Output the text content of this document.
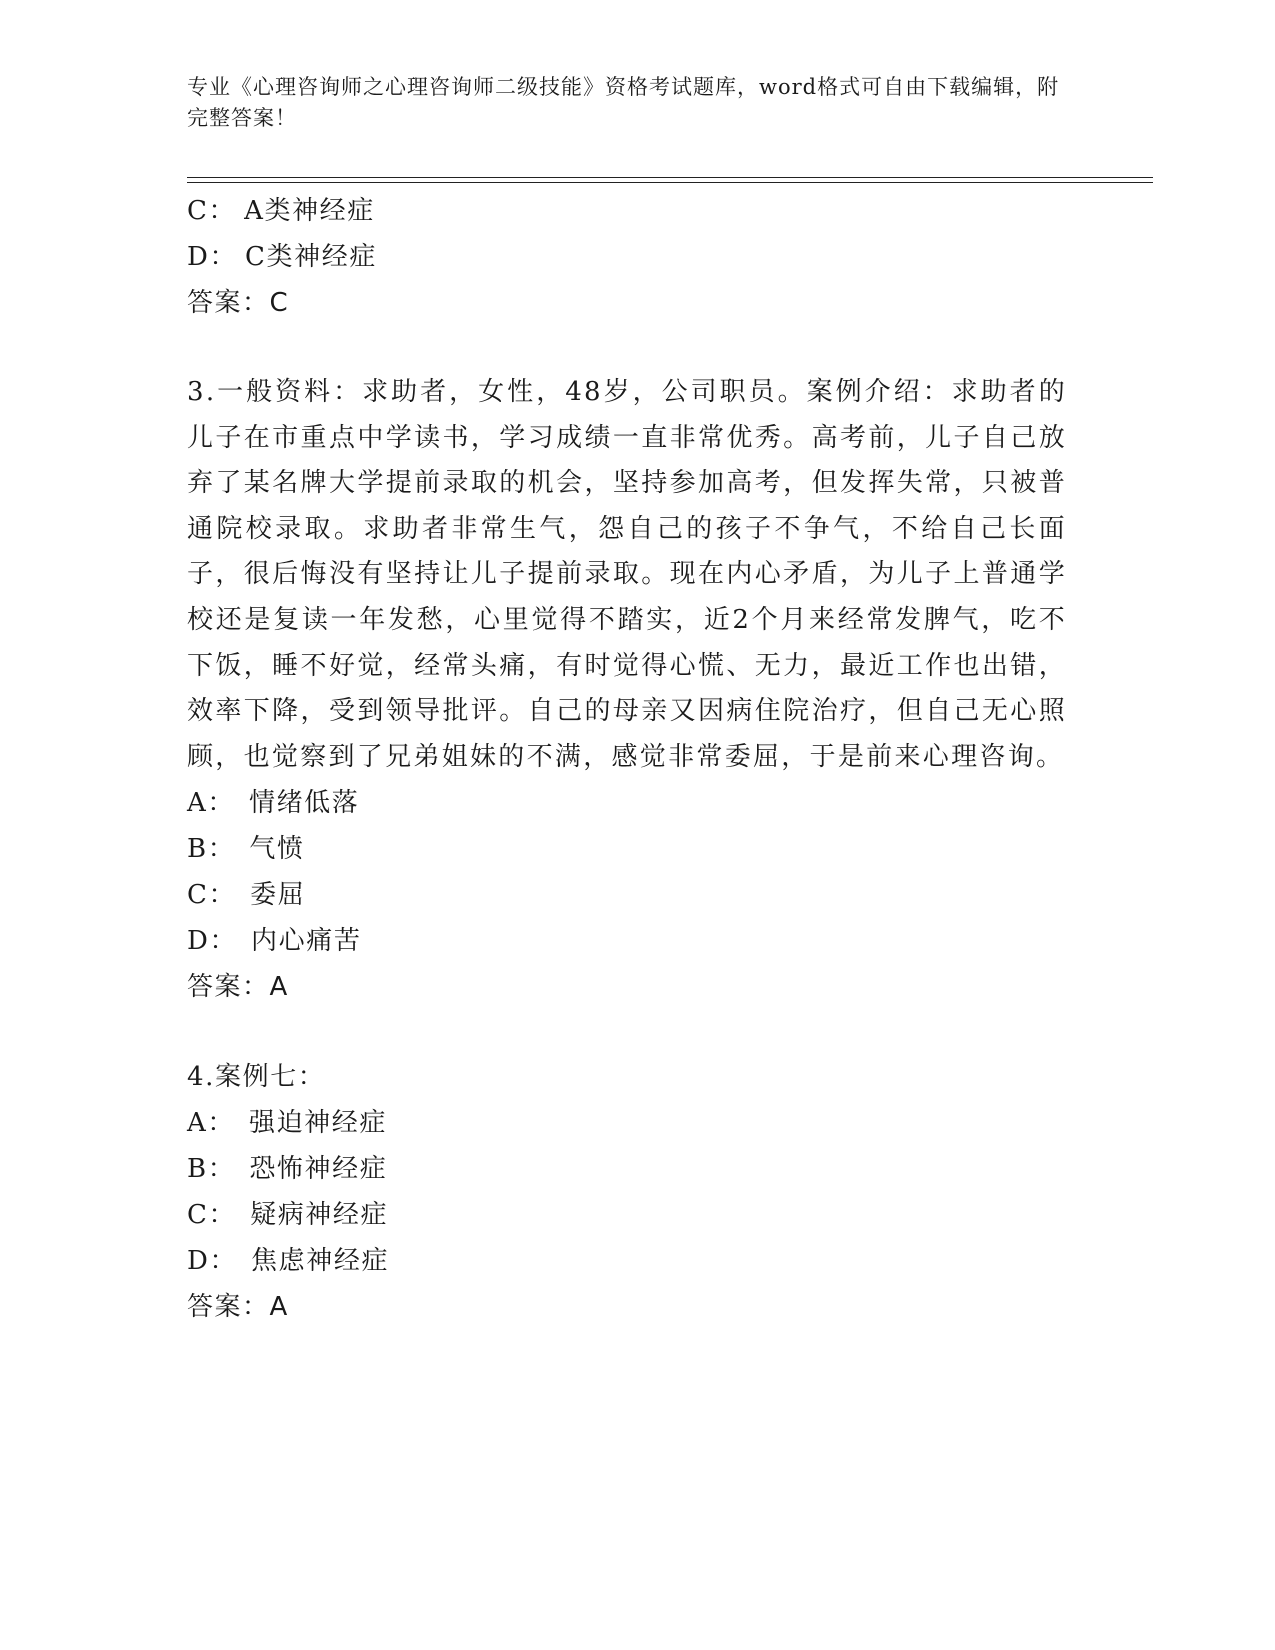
专业《心理咨询师之心理咨询师二级技能》资格考试题库，word格式可自由下载编辑，附完整答案！
C： A类神经症
D： C类神经症
答案：C
3.一般资料：求助者，女性，48岁，公司职员。案例介绍：求助者的儿子在市重点中学读书，学习成绩一直非常优秀。高考前，儿子自己放弃了某名牌大学提前录取的机会，坚持参加高考，但发挥失常，只被普通院校录取。求助者非常生气，怨自己的孩子不争气，不给自己长面子，很后悔没有坚持让儿子提前录取。现在内心矛盾，为儿子上普通学校还是复读一年发愁，心里觉得不踏实，近2个月来经常发脾气，吃不下饭，睡不好觉，经常头痛，有时觉得心慌、无力，最近工作也出错，效率下降，受到领导批评。自己的母亲又因病住院治疗，但自己无心照顾，也觉察到了兄弟姐妹的不满，感觉非常委屈，于是前来心理咨询。
A： 情绪低落
B： 气愤
C： 委屈
D： 内心痛苦
答案：A
4.案例七：
A： 强迫神经症
B： 恐怖神经症
C： 疑病神经症
D： 焦虑神经症
答案：A
